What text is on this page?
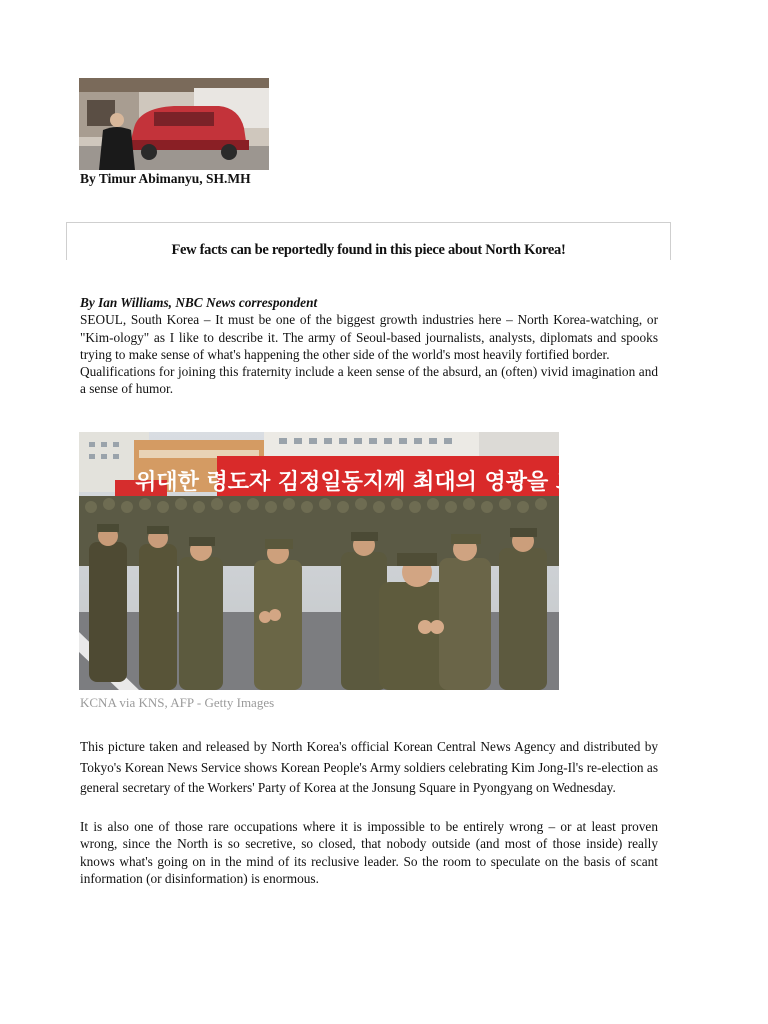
By Timur Abimanyu, SH.MH
Few facts can be reportedly found in this piece about North Korea!

By Ian Williams, NBC News correspondent

SEOUL, South Korea – It must be one of the biggest growth industries here – North Korea-watching, or "Kim-ology" as I like to describe it. The army of Seoul-based journalists, analysts, diplomats and spooks trying to make sense of what's happening the other side of the world's most heavily fortified border.

Qualifications for joining this fraternity include a keen sense of the absurd, an (often) vivid imagination and a sense of humor.

위대한 령도자 김정일동지께 최대의 영광을 드립니다
KCNA via KNS, AFP - Getty Images

This picture taken and released by North Korea's official Korean Central News Agency and distributed by Tokyo's Korean News Service shows Korean People's Army soldiers celebrating Kim Jong-Il's re-election as general secretary of the Workers' Party of Korea at the Jonsung Square in Pyongyang on Wednesday.

It is also one of those rare occupations where it is impossible to be entirely wrong – or at least proven wrong, since the North is so secretive, so closed, that nobody outside (and most of those inside) really knows what's going on in the mind of its reclusive leader. So the room to speculate on the basis of scant information (or disinformation) is enormous.
